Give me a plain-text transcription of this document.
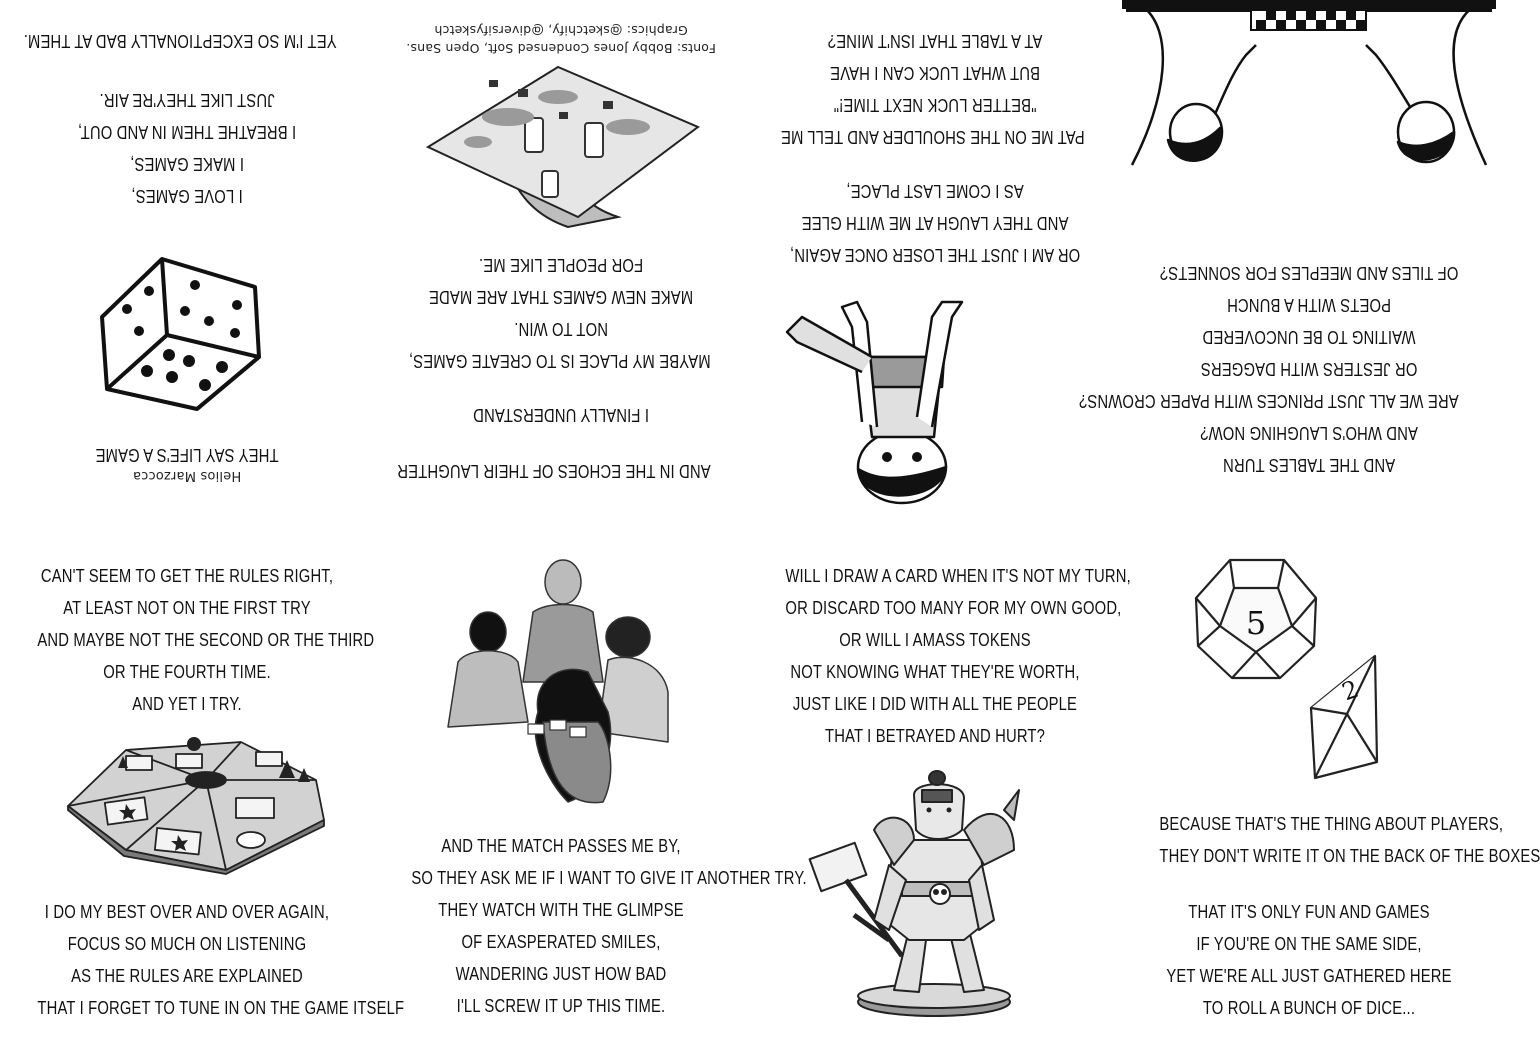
I LOVE GAMES,
I MAKE GAMES,
I BREATHE THEM IN AND OUT,
JUST LIKE THEY'RE AIR.
YET I'M SO EXCEPTIONALLY BAD AT THEM.
THEY SAY LIFE'S A GAME
Helios Marzocca	AND IN THE ECHOES OF THEIR LAUGHTER
I FINALLY UNDERSTAND
MAYBE MY PLACE IS TO CREATE GAMES,
NOT TO WIN.
MAKE NEW GAMES THAT ARE MADE
FOR PEOPLE LIKE ME.
Fonts: Bobby Jones Condensed Soft, Open Sans.
Graphics: @sketchify, @diversifysketch
OR AM I JUST THE LOSER ONCE AGAIN,
AND THEY LAUGH AT ME WITH GLEE
AS I COME LAST PLACE,
PAT ME ON THE SHOULDER AND TELL ME
"BETTER LUCK NEXT TIME!"
BUT WHAT LUCK CAN I HAVE
AT A TABLE THAT ISN'T MINE?
AND THE TABLES TURN
AND WHO'S LAUGHING NOW?
ARE WE ALL JUST PRINCES WITH PAPER CROWNS?
OR JESTERS WITH DAGGERS
WAITING TO BE UNCOVERED
POETS WITH A BUNCH
OF TILES AND MEEPLES FOR SONNETS?
CAN'T SEEM TO GET THE RULES RIGHT,
AT LEAST NOT ON THE FIRST TRY
AND MAYBE NOT THE SECOND OR THE THIRD
OR THE FOURTH TIME.
AND YET I TRY.
I DO MY BEST OVER AND OVER AGAIN,
FOCUS SO MUCH ON LISTENING
AS THE RULES ARE EXPLAINED
THAT I FORGET TO TUNE IN ON THE GAME ITSELF
AND THE MATCH PASSES ME BY,
SO THEY ASK ME IF I WANT TO GIVE IT ANOTHER TRY.
THEY WATCH WITH THE GLIMPSE
OF EXASPERATED SMILES,
WANDERING JUST HOW BAD
I'LL SCREW IT UP THIS TIME.
WILL I DRAW A CARD WHEN IT'S NOT MY TURN,
OR DISCARD TOO MANY FOR MY OWN GOOD,
OR WILL I AMASS TOKENS
NOT KNOWING WHAT THEY'RE WORTH,
JUST LIKE I DID WITH ALL THE PEOPLE
THAT I BETRAYED AND HURT?
5
2
BECAUSE THAT'S THE THING ABOUT PLAYERS,
THEY DON'T WRITE IT ON THE BACK OF THE BOXES
THAT IT'S ONLY FUN AND GAMES
IF YOU'RE ON THE SAME SIDE,
YET WE'RE ALL JUST GATHERED HERE
TO ROLL A BUNCH OF DICE...
